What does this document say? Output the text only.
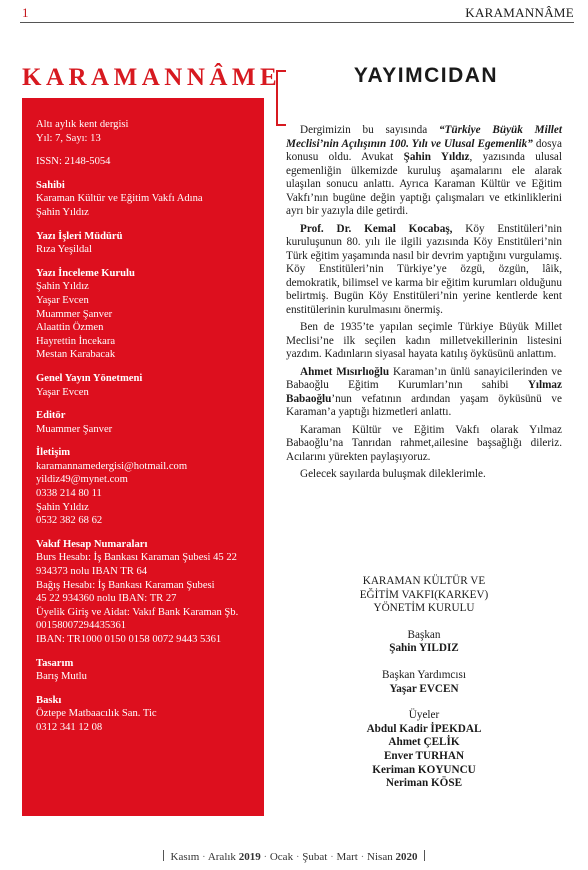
1	KARAMANNÂME
KARAMANNÂME
Altı aylık kent dergisi
Yıl: 7, Sayı: 13
ISSN: 2148-5054
Sahibi
Karaman Kültür ve Eğitim Vakfı Adına
Şahin Yıldız
Yazı İşleri Müdürü
Rıza Yeşildal
Yazı İnceleme Kurulu
Şahin Yıldız
Yaşar Evcen
Muammer Şanver
Alaattin Özmen
Hayrettin İncekara
Mestan Karabacak
Genel Yayın Yönetmeni
Yaşar Evcen
Editör
Muammer Şanver
İletişim
karamannamedergisi@hotmail.com
yildiz49@mynet.com
0338 214 80 11
Şahin Yıldız
0532 382 68 62
Vakıf Hesap Numaraları
Burs Hesabı: İş Bankası Karaman Şubesi 45 22
934373 nolu IBAN TR 64
Bağış Hesabı: İş Bankası Karaman Şubesi
45 22 934360 nolu IBAN: TR 27
Üyelik Giriş ve Aidat: Vakıf Bank Karaman Şb.
00158007294435361
IBAN: TR1000 0150 0158 0072 9443 5361
Tasarım
Barış Mutlu
Baskı
Öztepe Matbaacılık San. Tic
0312 341 12 08
YAYIMCIDAN

Dergimizin bu sayısında “Türkiye Büyük Millet Meclisi’nin Açılışının 100. Yılı ve Ulusal Egemenlik” dosya konusu oldu. Avukat Şahin Yıldız, yazısında ulusal egemenliğin ülkemizde kuruluş aşamalarını ele alarak ulaşılan sonucu anlattı. Ayrıca Karaman Kültür ve Eğitim Vakfı’nın bugüne değin yaptığı çalışmaları ve etkinliklerini ayrı bir yazıyla dile getirdi.

Prof. Dr. Kemal Kocabaş, Köy Enstitüleri’nin kuruluşunun 80. yılı ile ilgili yazısında Köy Enstitüleri’nin Türk eğitim yaşamında nasıl bir devrim yaptığını vurgulamış. Köy Enstitüleri’nin Türkiye’ye özgü, özgün, lâik, demokratik, bilimsel ve karma bir eğitim kurumları olduğunu belirtmiş. Bugün Köy Enstitüleri’nin yerine kentlerde kent enstitülerinin kurulmasını önermiş.

Ben de 1935’te yapılan seçimle Türkiye Büyük Millet Meclisi’ne ilk seçilen kadın milletvekillerinin listesini yazdım. Kadınların siyasal hayata katılış öyküsünü anlattım.

Ahmet Mısırlıoğlu Karaman’ın ünlü sanayicilerinden ve Babaoğlu Eğitim Kurumları’nın sahibi Yılmaz Babaoğlu’nun vefatının ardından yaşam öyküsünü ve Karaman’a yaptığı hizmetleri anlattı.

Karaman Kültür ve Eğitim Vakfı olarak Yılmaz Babaoğlu’na Tanrıdan rahmet,ailesine başsağlığı dileriz. Acılarını yürekten paylaşıyoruz.

Gelecek sayılarda buluşmak dileklerimle.

KARAMAN KÜLTÜR VE
EĞİTİM VAKFI(KARKEV)
YÖNETİM KURULU
Başkan
Şahin YILDIZ
Başkan Yardımcısı
Yaşar EVCEN
Üyeler
Abdul Kadir İPEKDAL
Ahmet ÇELİK
Enver TURHAN
Keriman KOYUNCU
Neriman KÖSE
Kasım · Aralık 2019 · Ocak · Şubat · Mart · Nisan 2020
